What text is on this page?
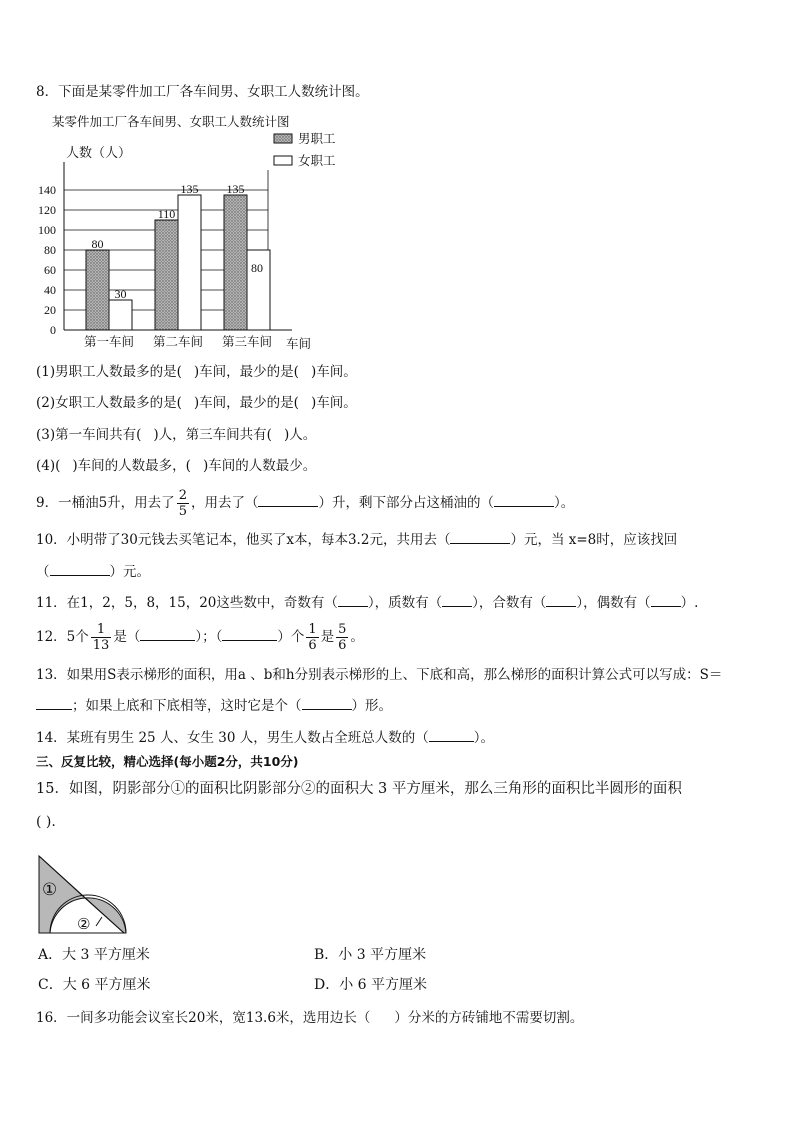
8．下面是某零件加工厂各车间男、女职工人数统计图。
某零件加工厂各车间男、女职工人数统计图
人数（人）
车间
男职工
女职工
0
20
40
60
80
100
120
140
80
30
110
135 135
80
第一车间 第二车间 第三车间
(1)男职工人数最多的是( )车间，最少的是( )车间。
(2)女职工人数最多的是( )车间，最少的是( )车间。
(3)第一车间共有( )人，第三车间共有( )人。
(4)( )车间的人数最多，( )车间的人数最少。
9．一桶油5升，用去了 $\frac{2}{5}$ ，用去了（	）升，剩下部分占这桶油的（	）。
10．小明带了30元钱去买笔记本，他买了x本，每本3.2元，共用去（	）元，当 x=8时，应该找回
（	）元。
11．在1，2，5，8，15，20这些数中，奇数有（ ），质数有（ ），合数有（ ），偶数有（ ）.
12．5个 $\frac{1}{13}$ 是（	）；（	）个 $\frac{1}{6}$ 是 $\frac{5}{6}$ 。
13．如果用S表示梯形的面积，用a 、b和h分别表示梯形的上、下底和高，那么梯形的面积计算公式可以写成：S＝
；如果上底和下底相等，这时它是个（	）形。
14．某班有男生 25 人、女生 30 人，男生人数占全班总人数的（	）。
三、反复比较，精心选择(每小题2分，共10分)
15．如图，阴影部分①的面积比阴影部分②的面积大 3 平方厘米，那么三角形的面积比半圆形的面积
( ).
①
②
A．大 3 平方厘米	B．小 3 平方厘米
C．大 6 平方厘米	D．小 6 平方厘米
16．一间多功能会议室长20米，宽13.6米，选用边长（ ）分米的方砖铺地不需要切割。
